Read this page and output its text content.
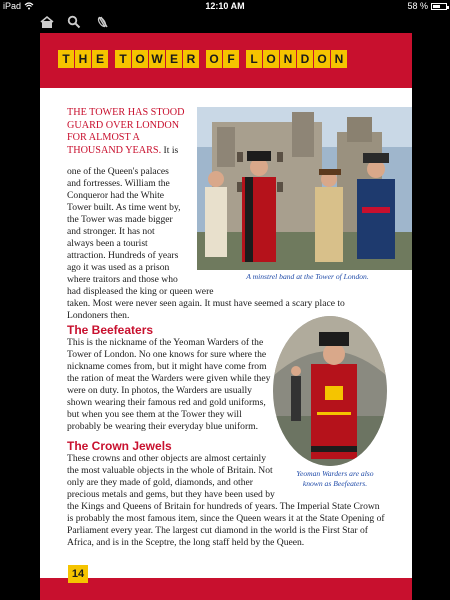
iPad	12:10 AM	58 %
T H E	T O W E R	O F	L O N D O N

THE TOWER HAS STOOD GUARD OVER LONDON FOR ALMOST A THOUSAND YEARS. It is

one of the Queen's palaces
and fortresses. William the
Conqueror had the White
Tower built. As time went by,
the Tower was made bigger
and stronger. It has not
always been a tourist
attraction. Hundreds of years
ago it was used as a prison
where traitors and those who
had displeased the king or queen were
taken. Most were never seen again. It must have seemed a scary place to
Londoners then.

A minstrel band at the Tower of London.

The Beefeaters
This is the nickname of the Yeoman Warders of the
Tower of London. No one knows for sure where the
nickname comes from, but it might have come from
the ration of meat the Warders were given while they
were on duty. In photos, the Warders are usually
shown wearing their famous red and gold uniforms,
but when you see them at the Tower they will
probably be wearing their everyday blue uniform.

Yeoman Warders are also
known as Beefeaters.

The Crown Jewels
These crowns and other objects are almost certainly
the most valuable objects in the whole of Britain. Not
only are they made of gold, diamonds, and other
precious metals and gems, but they have been used by
the Kings and Queens of Britain for hundreds of years. The Imperial State Crown
is probably the most famous item, since the Queen wears it at the State Opening of
Parliament every year. The largest cut diamond in the world is the First Star of
Africa, and is in the Sceptre, the long staff held by the Queen.
14
